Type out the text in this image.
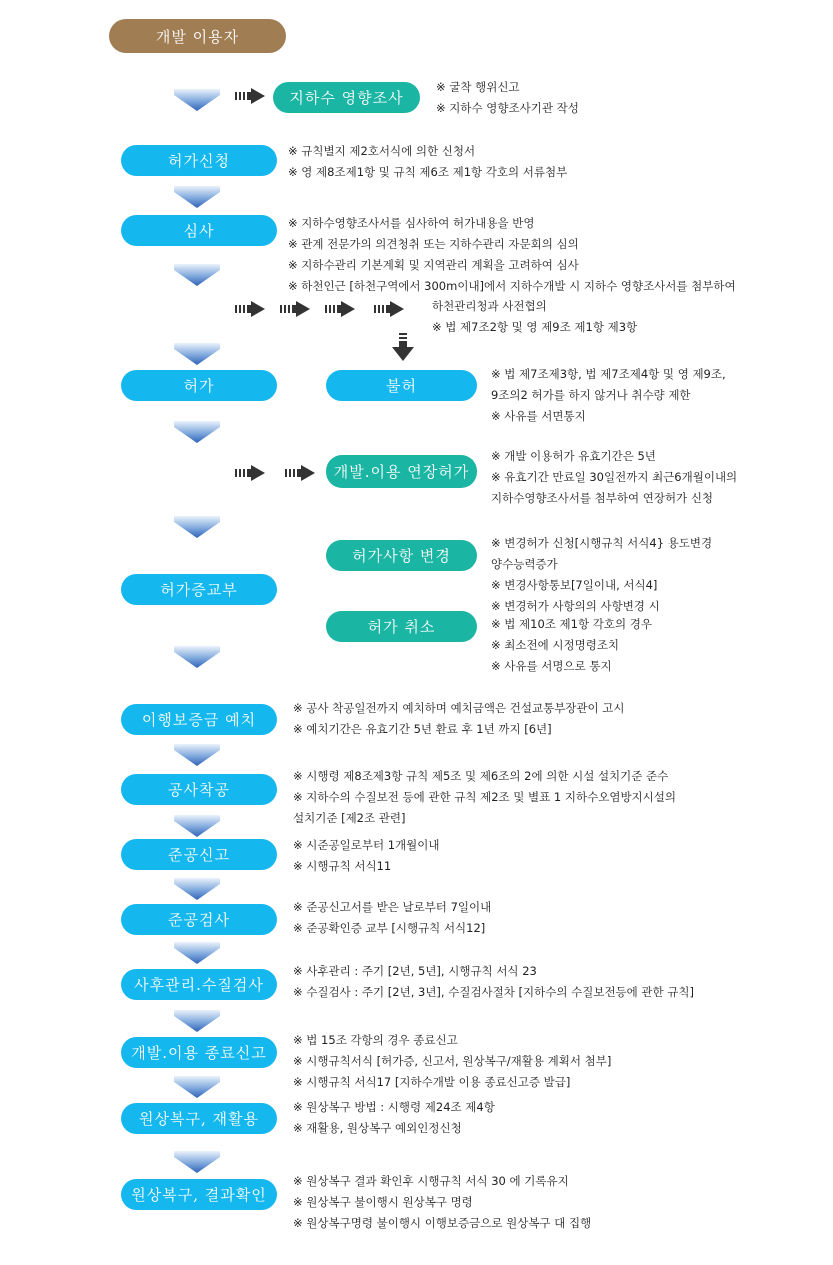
개발 이용자
지하수 영향조사
※ 굴착 행위신고
※ 지하수 영향조사기관 작성
허가신청
※ 규칙별지 제2호서식에 의한 신청서
※ 영 제8조제1항 및 규칙 제6조 제1항 각호의 서류첨부
심사	※ 지하수영향조사서를 심사하여 허가내용을 반영
※ 관계 전문가의 의견청취 또는 지하수관리 자문회의 심의
※ 지하수관리 기본계획 및 지역관리 계획을 고려하여 심사
※ 하천인근 [하천구역에서 300m이내]에서 지하수개발 시 지하수 영향조사서를 첨부하여
하천관리청과 사전협의
※ 법 제7조2항 및 영 제9조 제1항 제3항
허가	불허
※ 법 제7조제3항, 법 제7조제4항 및 영 제9조,
9조의2 허가를 하지 않거나 취수량 제한
※ 사유를 서면통지
개발.이용 연장허가
※ 개발 이용허가 유효기간은 5년
※ 유효기간 만료일 30일전까지 최근6개월이내의
지하수영향조사서를 첨부하여 연장허가 신청
허가사항 변경
※ 변경허가 신청[시행규칙 서식4} 용도변경
양수능력증가
※ 변경사항통보[7일이내, 서식4]
※ 변경허가 사항의의 사항변경 시
허가증교부
허가 취소	※ 법 제10조 제1항 각호의 경우
※ 최소전에 시정명령조치
※ 사유를 서명으로 통지
이행보증금 예치
※ 공사 착공일전까지 예치하며 예치금액은 건설교통부장관이 고시
※ 예치기간은 유효기간 5년 환료 후 1년 까지 [6년]
공사착공
※ 시행령 제8조제3항 규칙 제5조 및 제6조의 2에 의한 시설 설치기준 준수
※ 지하수의 수질보전 등에 관한 규칙 제2조 및 별표 1 지하수오염방지시설의
설치기준 [제2조 관련]
준공신고
※ 시준공일로부터 1개월이내
※ 시행규칙 서식11
준공검사
※ 준공신고서를 받은 날로부터 7일이내
※ 준공확인증 교부 [시행규칙 서식12]
사후관리.수질검사
※ 사후관리 : 주기 [2년, 5년], 시행규칙 서식 23
※ 수질검사 : 주기 [2년, 3년], 수질검사절차 [지하수의 수질보전등에 관한 규칙]
개발.이용 종료신고
※ 법 15조 각항의 경우 종료신고
※ 시행규칙서식 [허가증, 신고서, 원상복구/재활용 계획서 첨부]
※ 시행규칙 서식17 [지하수개발 이용 종료신고증 발급]
원상복구, 재활용
※ 원상복구 방법 : 시행령 제24조 제4항
※ 재활용, 원상복구 예외인정신청
원상복구, 결과확인
※ 원상복구 결과 확인후 시행규칙 서식 30 에 기록유지
※ 원상복구 불이행시 원상복구 명령
※ 원상복구명령 불이행시 이행보증금으로 원상복구 대 집행
